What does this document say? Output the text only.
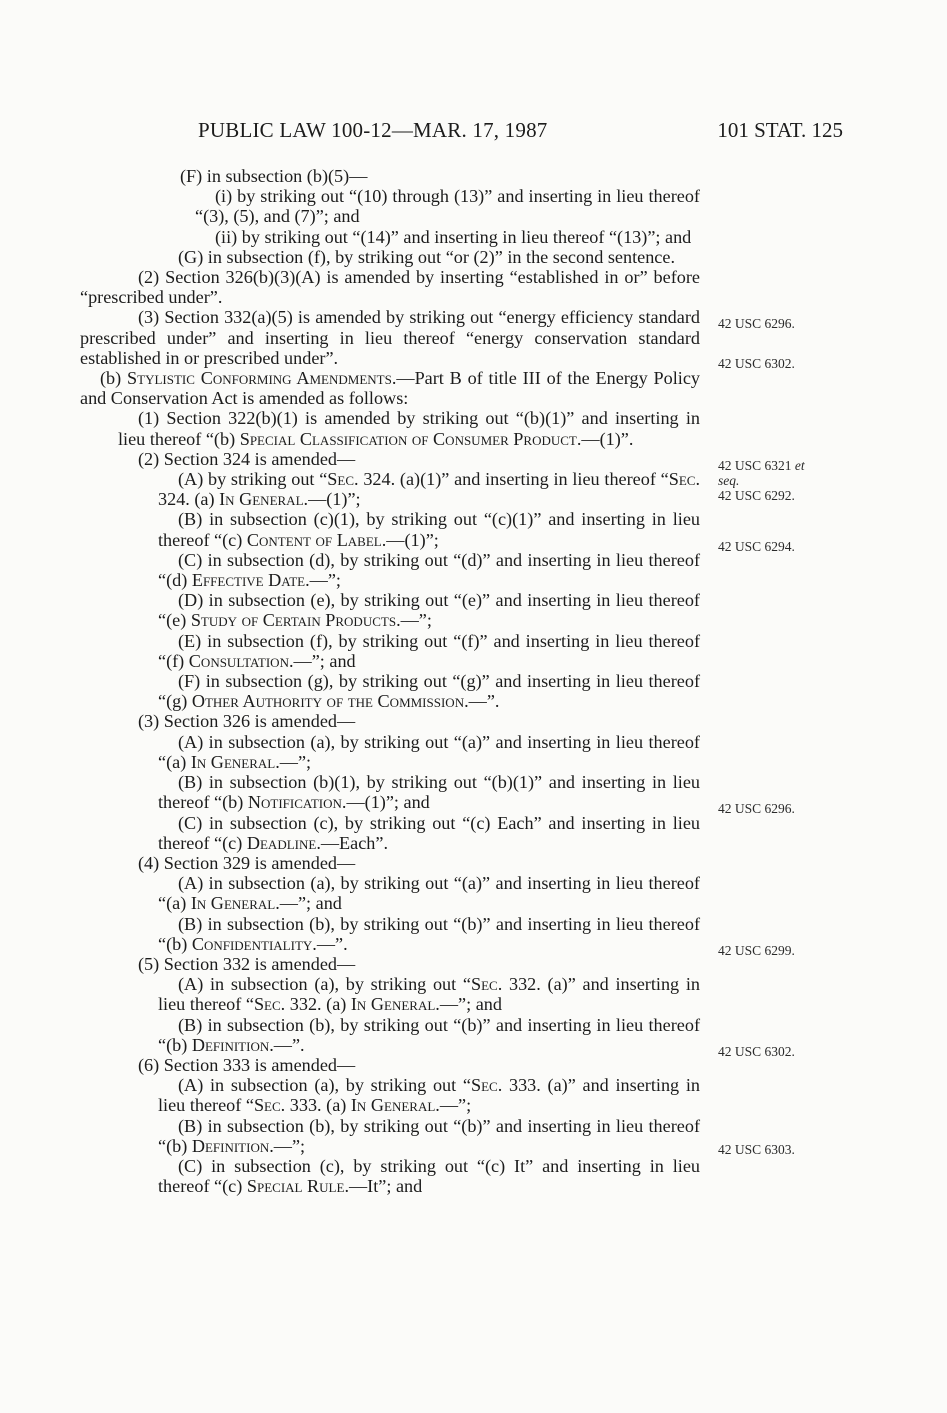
PUBLIC LAW 100-12—MAR. 17, 1987	101 STAT. 125

(F) in subsection (b)(5)—

(i) by striking out “(10) through (13)” and inserting in lieu thereof “(3), (5), and (7)”; and

(ii) by striking out “(14)” and inserting in lieu thereof “(13)”; and

(G) in subsection (f), by striking out “or (2)” in the second sentence.

(2) Section 326(b)(3)(A) is amended by inserting “established in or” before “prescribed under”.

(3) Section 332(a)(5) is amended by striking out “energy efficiency standard prescribed under” and inserting in lieu thereof “energy conservation standard established in or prescribed under”.

(b) Stylistic Conforming Amendments.—Part B of title III of the Energy Policy and Conservation Act is amended as follows:

(1) Section 322(b)(1) is amended by striking out “(b)(1)” and inserting in lieu thereof “(b) Special Classification of Consumer Product.—(1)”.

(2) Section 324 is amended—

(A) by striking out “Sec. 324. (a)(1)” and inserting in lieu thereof “Sec. 324. (a) In General.—(1)”;

(B) in subsection (c)(1), by striking out “(c)(1)” and inserting in lieu thereof “(c) Content of Label.—(1)”;

(C) in subsection (d), by striking out “(d)” and inserting in lieu thereof “(d) Effective Date.—”;

(D) in subsection (e), by striking out “(e)” and inserting in lieu thereof “(e) Study of Certain Products.—”;

(E) in subsection (f), by striking out “(f)” and inserting in lieu thereof “(f) Consultation.—”; and

(F) in subsection (g), by striking out “(g)” and inserting in lieu thereof “(g) Other Authority of the Commission.—”.

(3) Section 326 is amended—

(A) in subsection (a), by striking out “(a)” and inserting in lieu thereof “(a) In General.—”;

(B) in subsection (b)(1), by striking out “(b)(1)” and inserting in lieu thereof “(b) Notification.—(1)”; and

(C) in subsection (c), by striking out “(c) Each” and inserting in lieu thereof “(c) Deadline.—Each”.

(4) Section 329 is amended—

(A) in subsection (a), by striking out “(a)” and inserting in lieu thereof “(a) In General.—”; and

(B) in subsection (b), by striking out “(b)” and inserting in lieu thereof “(b) Confidentiality.—”.

(5) Section 332 is amended—

(A) in subsection (a), by striking out “Sec. 332. (a)” and inserting in lieu thereof “Sec. 332. (a) In General.—”; and

(B) in subsection (b), by striking out “(b)” and inserting in lieu thereof “(b) Definition.—”.

(6) Section 333 is amended—

(A) in subsection (a), by striking out “Sec. 333. (a)” and inserting in lieu thereof “Sec. 333. (a) In General.—”;

(B) in subsection (b), by striking out “(b)” and inserting in lieu thereof “(b) Definition.—”;

(C) in subsection (c), by striking out “(c) It” and inserting in lieu thereof “(c) Special Rule.—It”; and

42 USC 6296.
42 USC 6302.
42 USC 6321 et
seq.
42 USC 6292.
42 USC 6294.
42 USC 6296.
42 USC 6299.
42 USC 6302.
42 USC 6303.
